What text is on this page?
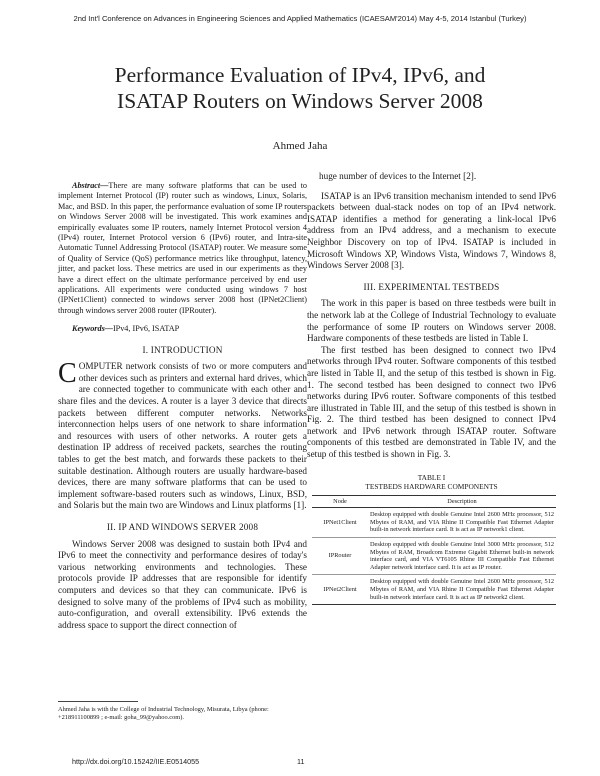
2nd Int'l Conference on Advances in Engineering Sciences and Applied Mathematics (ICAESAM'2014) May 4-5, 2014 Istanbul (Turkey)
Performance Evaluation of IPv4, IPv6, and
ISATAP Routers on Windows Server 2008
Ahmed Jaha

Abstract—There are many software platforms that can be used to implement Internet Protocol (IP) router such as windows, Linux, Solaris, Mac, and BSD. In this paper, the performance evaluation of some IP routers on Windows Server 2008 will be investigated. This work examines and empirically evaluates some IP routers, namely Internet Protocol version 4 (IPv4) router, Internet Protocol version 6 (IPv6) router, and Intra-site Automatic Tunnel Addressing Protocol (ISATAP) router. We measure some of Quality of Service (QoS) performance metrics like throughput, latency, jitter, and packet loss. These metrics are used in our experiments as they have a direct effect on the ultimate performance perceived by end user applications. All experiments were conducted using windows 7 host (IPNet1Client) connected to windows server 2008 host (IPNet2Client) through windows server 2008 router (IPRouter).

Keywords—IPv4, IPv6, ISATAP

I. INTRODUCTION

COMPUTER network consists of two or more computers and other devices such as printers and external hard drives, which are connected together to communicate with each other and share files and the devices. A router is a layer 3 device that directs packets between different computer networks. Networks interconnection helps users of one network to share information and resources with users of other networks. A router gets a destination IP address of received packets, searches the routing tables to get the best match, and forwards these packets to their suitable destination. Although routers are usually hardware-based devices, there are many software platforms that can be used to implement software-based routers such as windows, Linux, BSD, and Solaris but the main two are Windows and Linux platforms [1].

II. IP AND WINDOWS SERVER 2008

Windows Server 2008 was designed to sustain both IPv4 and IPv6 to meet the connectivity and performance desires of today's various networking environments and technologies. These protocols provide IP addresses that are responsible for identify computers and devices so that they can communicate. IPv6 is designed to solve many of the problems of IPv4 such as mobility, auto-configuration, and overall extensibility. IPv6 extends the address space to support the direct connection of

Ahmed Jaha is with the College of Industrial Technology, Misurata, Libya (phone: +218911100899 ; e-mail: goha_99@yahoo.com).

huge number of devices to the Internet [2].

ISATAP is an IPv6 transition mechanism intended to send IPv6 packets between dual-stack nodes on top of an IPv4 network. ISATAP identifies a method for generating a link-local IPv6 address from an IPv4 address, and a mechanism to execute Neighbor Discovery on top of IPv4. ISATAP is included in Microsoft Windows XP, Windows Vista, Windows 7, Windows 8, Windows Server 2008 [3].

III. EXPERIMENTAL TESTBEDS

The work in this paper is based on three testbeds were built in the network lab at the College of Industrial Technology to evaluate the performance of some IP routers on Windows server 2008. Hardware components of these testbeds are listed in Table I.

The first testbed has been designed to connect two IPv4 networks through IPv4 router. Software components of this testbed are listed in Table II, and the setup of this testbed is shown in Fig. 1. The second testbed has been designed to connect two IPv6 networks during IPv6 router. Software components of this testbed are illustrated in Table III, and the setup of this testbed is shown in Fig. 2. The third testbed has been designed to connect IPv4 network and IPv6 network through ISATAP router. Software components of this testbed are demonstrated in Table IV, and the setup of this testbed is shown in Fig. 3.

TABLE I
TESTBEDS HARDWARE COMPONENTS
Node	Description
IPNet1Client	Desktop equipped with double Genuine Intel 2600 MHz processor, 512 Mbytes of RAM, and VIA Rhine II Compatible Fast Ethernet Adapter built-in network interface card. It is act as IP network1 client.
IPRouter	Desktop equipped with double Genuine Intel 3000 MHz processor, 512 Mbytes of RAM, Broadcom Extreme Gigabit Ethernet built-in network interface card, and VIA VT6105 Rhine III Compatible Fast Ethernet Adapter network interface card. It is act as IP router.
IPNet2Client	Desktop equipped with double Genuine Intel 2600 MHz processor, 512 Mbytes of RAM, and VIA Rhine II Compatible Fast Ethernet Adapter built-in network interface card. It is act as IP network2 client.
http://dx.doi.org/10.15242/IIE.E0514055	11
